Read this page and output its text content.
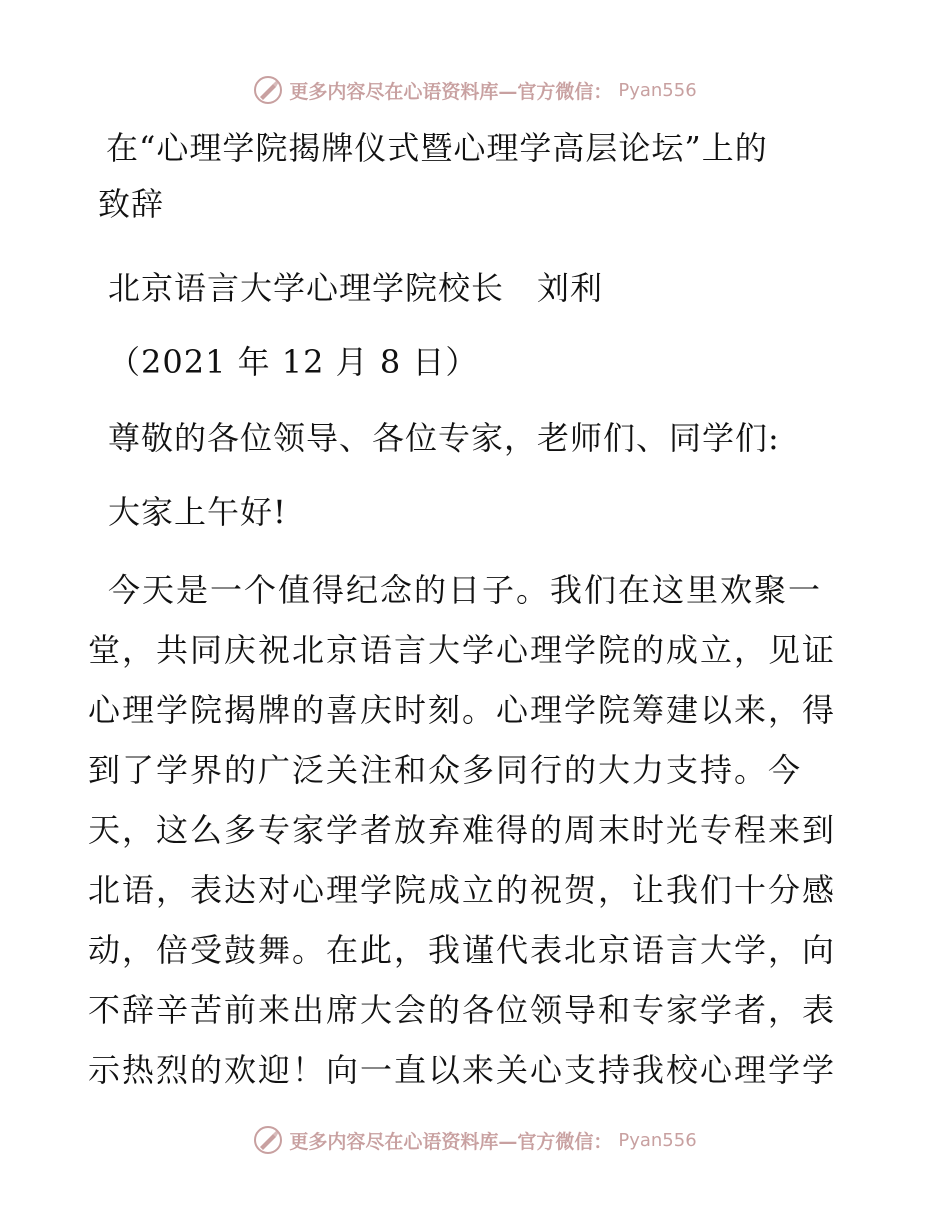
更多内容尽在心语资料库—官方微信： Pyan556

在“心理学院揭牌仪式暨心理学高层论坛”上的
致辞

北京语言大学心理学院校长　刘利

（2021 年 12 月 8 日）

尊敬的各位领导、各位专家，老师们、同学们:

大家上午好!

今天是一个值得纪念的日子。我们在这里欢聚一
堂，共同庆祝北京语言大学心理学院的成立，见证
心理学院揭牌的喜庆时刻。心理学院筹建以来，得
到了学界的广泛关注和众多同行的大力支持。今
天，这么多专家学者放弃难得的周末时光专程来到
北语，表达对心理学院成立的祝贺，让我们十分感
动，倍受鼓舞。在此，我谨代表北京语言大学，向
不辞辛苦前来出席大会的各位领导和专家学者，表
示热烈的欢迎！向一直以来关心支持我校心理学学
更多内容尽在心语资料库—官方微信： Pyan556
